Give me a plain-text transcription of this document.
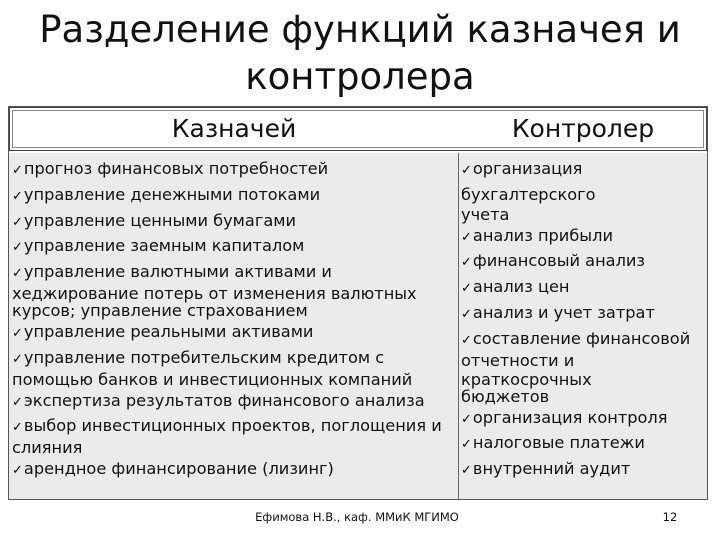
Разделение функций казначея и
контролера
Казначей	Контролер
✓прогноз финансовых потребностей
✓управление денежными потоками
✓управление ценными бумагами
✓управление заемным капиталом
✓управление валютными активами и
хеджирование потерь от изменения валютных
курсов; управление страхованием
✓управление реальными активами
✓управление потребительским кредитом с
помощью банков и инвестиционных компаний
✓экспертиза результатов финансового анализа
✓выбор инвестиционных проектов, поглощения и
слияния
✓арендное финансирование (лизинг)
✓организация бухгалтерского
учета
✓анализ прибыли
✓финансовый анализ
✓анализ цен
✓анализ и учет затрат
✓составление финансовой
отчетности и краткосрочных
бюджетов
✓организация контроля
✓налоговые платежи
✓внутренний аудит
Ефимова Н.В., каф. ММиК МГИМО	12
